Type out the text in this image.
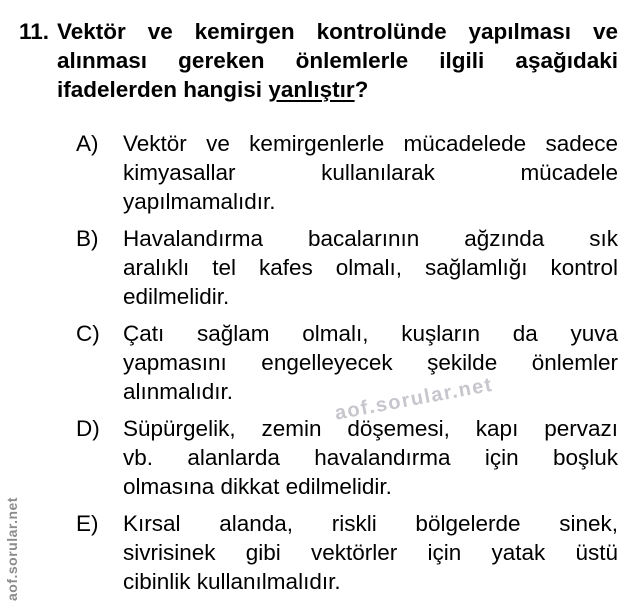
aof.sorular.net
aof.sorular.net
11. Vektör ve kemirgen kontrolünde yapılması ve
alınması gereken önlemlerle ilgili aşağıdaki
ifadelerden hangisi yanlıştır?
A)	Vektör ve kemirgenlerle mücadelede sadece
kimyasallar kullanılarak mücadele
yapılmamalıdır.
B)	Havalandırma bacalarının ağzında sık
aralıklı tel kafes olmalı, sağlamlığı kontrol
edilmelidir.
C)	Çatı sağlam olmalı, kuşların da yuva
yapmasını engelleyecek şekilde önlemler
alınmalıdır.
D)	Süpürgelik, zemin döşemesi, kapı pervazı
vb. alanlarda havalandırma için boşluk
olmasına dikkat edilmelidir.
E)	Kırsal alanda, riskli bölgelerde sinek,
sivrisinek gibi vektörler için yatak üstü
cibinlik kullanılmalıdır.
